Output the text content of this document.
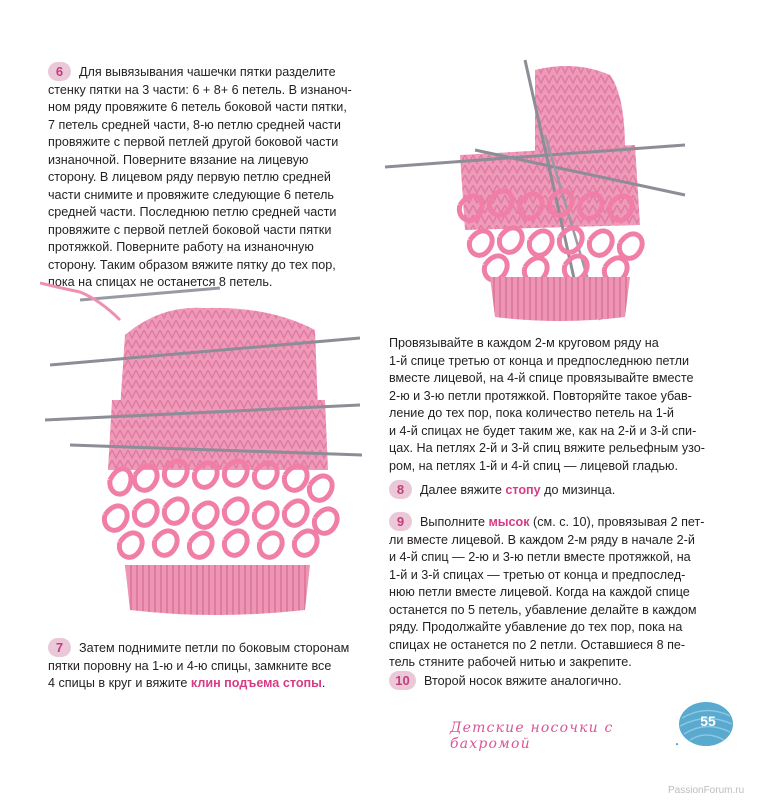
6 Для вывязывания чашечки пятки разделите

стенку пятки на 3 части: 6 + 8+ 6 петель. В изнаноч-

ном ряду провяжите 6 петель боковой части пятки,

7 петель средней части, 8-ю петлю средней части

провяжите с первой петлей другой боковой части

изнаночной. Поверните вязание на лицевую

сторону. В лицевом ряду первую петлю средней

части снимите и провяжите следующие 6 петель

средней части. Последнюю петлю средней части

провяжите с первой петлей боковой части пятки

протяжкой. Поверните работу на изнаночную

сторону. Таким образом вяжите пятку до тех пор,

пока на спицах не останется 8 петель.

Провязывайте в каждом 2-м круговом ряду на

1-й спице третью от конца и предпоследнюю петли

вместе лицевой, на 4-й спице провязывайте вместе

2-ю и 3-ю петли протяжкой. Повторяйте такое убав-

ление до тех пор, пока количество петель на 1-й

и 4-й спицах не будет таким же, как на 2-й и 3-й спи-

цах. На петлях 2-й и 3-й спиц вяжите рельефным узо-

ром, на петлях 1-й и 4-й спиц — лицевой гладью.

7 Затем поднимите петли по боковым сторонам

пятки поровну на 1-ю и 4-ю спицы, замкните все

4 спицы в круг и вяжите клин подъема стопы.

8 Далее вяжите стопу до мизинца.

9 Выполните мысок (см. с. 10), провязывая 2 пет-

ли вместе лицевой. В каждом 2-м ряду в начале 2-й

и 4-й спиц — 2-ю и 3-ю петли вместе протяжкой, на

1-й и 3-й спицах — третью от конца и предпослед-

нюю петли вместе лицевой. Когда на каждой спице

останется по 5 петель, убавление делайте в каждом

ряду. Продолжайте убавление до тех пор, пока на

спицах не останется по 2 петли. Оставшиеся 8 пе-

тель стяните рабочей нитью и закрепите.

10 Второй носок вяжите аналогично.

Детские носочки с бахромой
55
PassionForum.ru
